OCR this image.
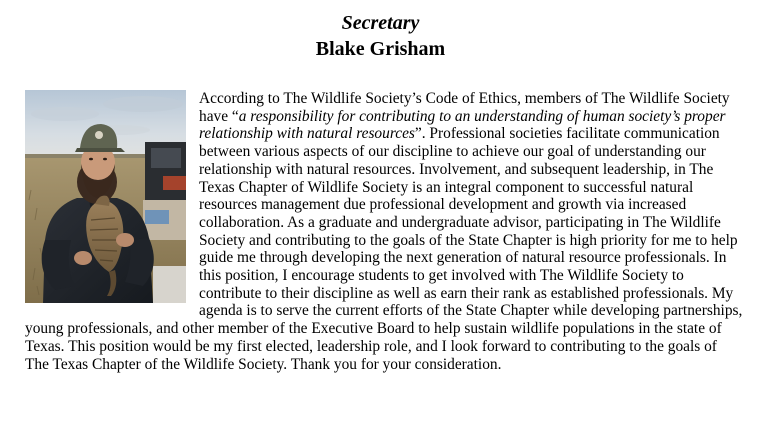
Secretary
Blake Grisham

According to The Wildlife Society’s Code of Ethics, members of The Wildlife Society have “a responsibility for contributing to an understanding of human society’s proper relationship with natural resources”. Professional societies facilitate communication between various aspects of our discipline to achieve our goal of understanding our relationship with natural resources. Involvement, and subsequent leadership, in The Texas Chapter of Wildlife Society is an integral component to successful natural resources management due professional development and growth via increased collaboration. As a graduate and undergraduate advisor, participating in The Wildlife Society and contributing to the goals of the State Chapter is high priority for me to help guide me through developing the next generation of natural resource professionals. In this position, I encourage students to get involved with The Wildlife Society to contribute to their discipline as well as earn their rank as established professionals. My agenda is to serve the current efforts of the State Chapter while developing partnerships, young professionals, and other member of the Executive Board to help sustain wildlife populations in the state of Texas. This position would be my first elected, leadership role, and I look forward to contributing to the goals of The Texas Chapter of the Wildlife Society. Thank you for your consideration.
